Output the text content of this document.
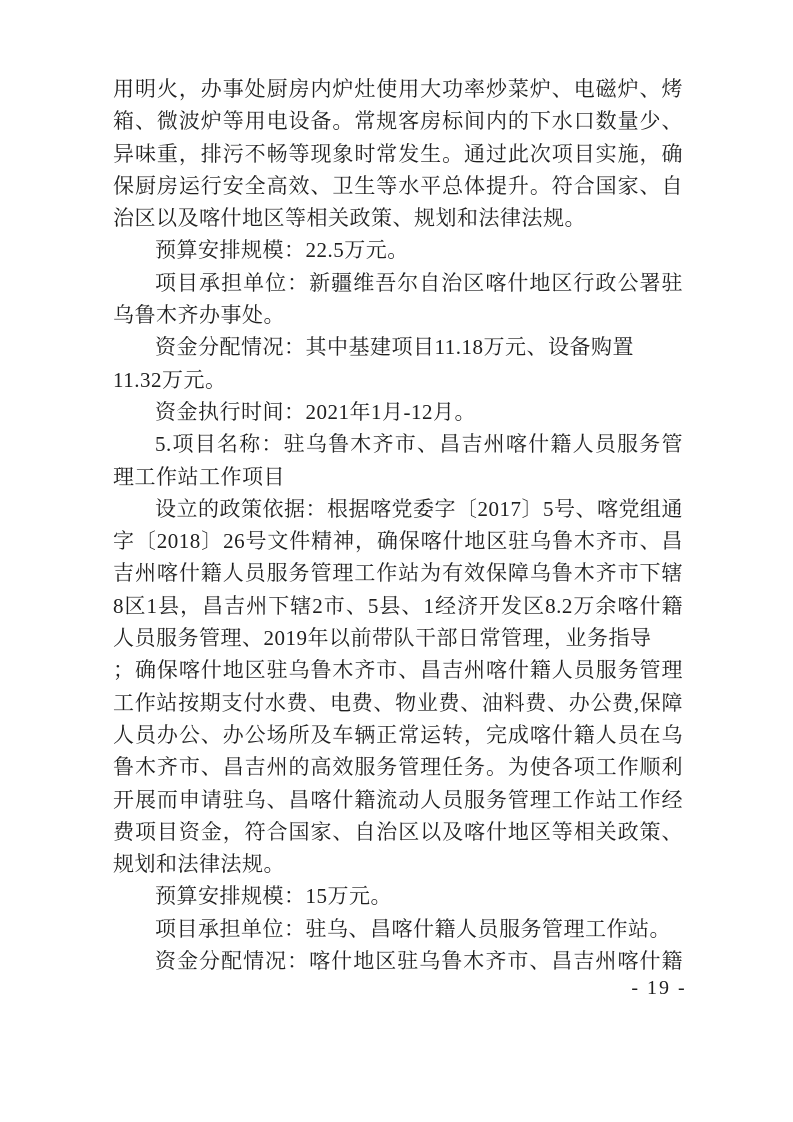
用明火，办事处厨房内炉灶使用大功率炒菜炉、电磁炉、烤
箱、微波炉等用电设备。常规客房标间内的下水口数量少、
异味重，排污不畅等现象时常发生。通过此次项目实施，确
保厨房运行安全高效、卫生等水平总体提升。符合国家、自
治区以及喀什地区等相关政策、规划和法律法规。
预算安排规模：22.5万元。
项目承担单位：新疆维吾尔自治区喀什地区行政公署驻
乌鲁木齐办事处。
资金分配情况：其中基建项目11.18万元、设备购置
11.32万元。
资金执行时间：2021年1月-12月。
5.项目名称：驻乌鲁木齐市、昌吉州喀什籍人员服务管
理工作站工作项目
设立的政策依据：根据喀党委字〔2017〕5号、喀党组通
字〔2018〕26号文件精神，确保喀什地区驻乌鲁木齐市、昌
吉州喀什籍人员服务管理工作站为有效保障乌鲁木齐市下辖
8区1县，昌吉州下辖2市、5县、1经济开发区8.2万余喀什籍
人员服务管理、2019年以前带队干部日常管理，业务指导
；确保喀什地区驻乌鲁木齐市、昌吉州喀什籍人员服务管理
工作站按期支付水费、电费、物业费、油料费、办公费,保障
人员办公、办公场所及车辆正常运转，完成喀什籍人员在乌
鲁木齐市、昌吉州的高效服务管理任务。为使各项工作顺利
开展而申请驻乌、昌喀什籍流动人员服务管理工作站工作经
费项目资金，符合国家、自治区以及喀什地区等相关政策、
规划和法律法规。
预算安排规模：15万元。
项目承担单位：驻乌、昌喀什籍人员服务管理工作站。
资金分配情况：喀什地区驻乌鲁木齐市、昌吉州喀什籍
- 19 -
